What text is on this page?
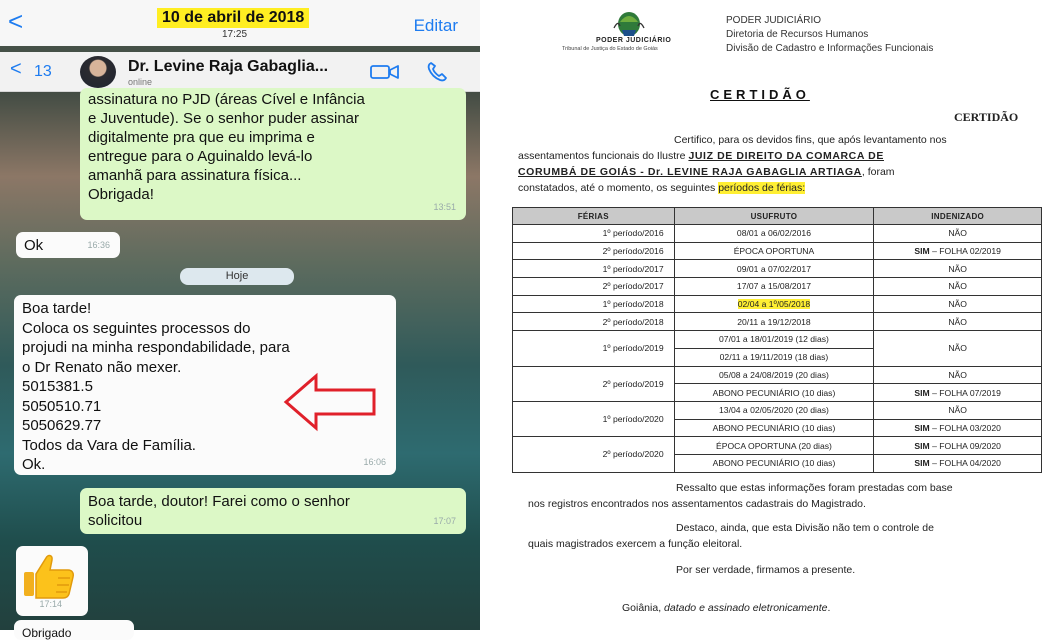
<	10 de abril de 2018
17:25	Editar
< 13	Dr. Levine Raja Gabaglia...
online
assinatura no PJD (áreas Cível e Infância
e Juventude). Se o senhor puder assinar
digitalmente pra que eu imprima e
entregue para o Aguinaldo levá-lo
amanhã para assinatura física...
Obrigada!
13:51
Ok	16:36
Hoje
Boa tarde!
Coloca os seguintes processos do
projudi na minha respondabilidade, para
o Dr Renato não mexer.
5015381.5
5050510.71
5050629.77
Todos da Vara de Família.
Ok.	16:06
Boa tarde, doutor! Farei como o senhor
solicitou	17:07
17:14
Obrigado
PODER JUDICIÁRIO
Tribunal de Justiça do Estado de Goiás
PODER JUDICIÁRIO
Diretoria de Recursos Humanos
Divisão de Cadastro e Informações Funcionais
CERTIDÃO
CERTIDÃO
Certifico, para os devidos fins, que após levantamento nos
assentamentos funcionais do Ilustre JUIZ DE DIREITO DA COMARCA DE
CORUMBÁ DE GOIÁS - Dr. LEVINE RAJA GABAGLIA ARTIAGA, foram
constatados, até o momento, os seguintes períodos de férias:
FÉRIAS	USUFRUTO	INDENIZADO
1º período/2016	08/01 a 06/02/2016	NÃO
2º período/2016	ÉPOCA OPORTUNA	SIM – FOLHA 02/2019
1º período/2017	09/01 a 07/02/2017	NÃO
2º período/2017	17/07 a 15/08/2017	NÃO
1º período/2018	02/04 a 1º/05/2018	NÃO
2º período/2018	20/11 a 19/12/2018	NÃO
1º período/2019	07/01 a 18/01/2019 (12 dias)	NÃO
	02/11 a 19/11/2019 (18 dias)	
2º período/2019	05/08 a 24/08/2019 (20 dias)	NÃO
	ABONO PECUNIÁRIO (10 dias)	SIM – FOLHA 07/2019
1º período/2020	13/04 a 02/05/2020 (20 dias)	NÃO
	ABONO PECUNIÁRIO (10 dias)	SIM – FOLHA 03/2020
2º período/2020	ÉPOCA OPORTUNA (20 dias)	SIM – FOLHA 09/2020
	ABONO PECUNIÁRIO (10 dias)	SIM – FOLHA 04/2020
Ressalto que estas informações foram prestadas com base
nos registros encontrados nos assentamentos cadastrais do Magistrado.
Destaco, ainda, que esta Divisão não tem o controle de
quais magistrados exercem a função eleitoral.
Por ser verdade, firmamos a presente.
Goiânia, datado e assinado eletronicamente.
